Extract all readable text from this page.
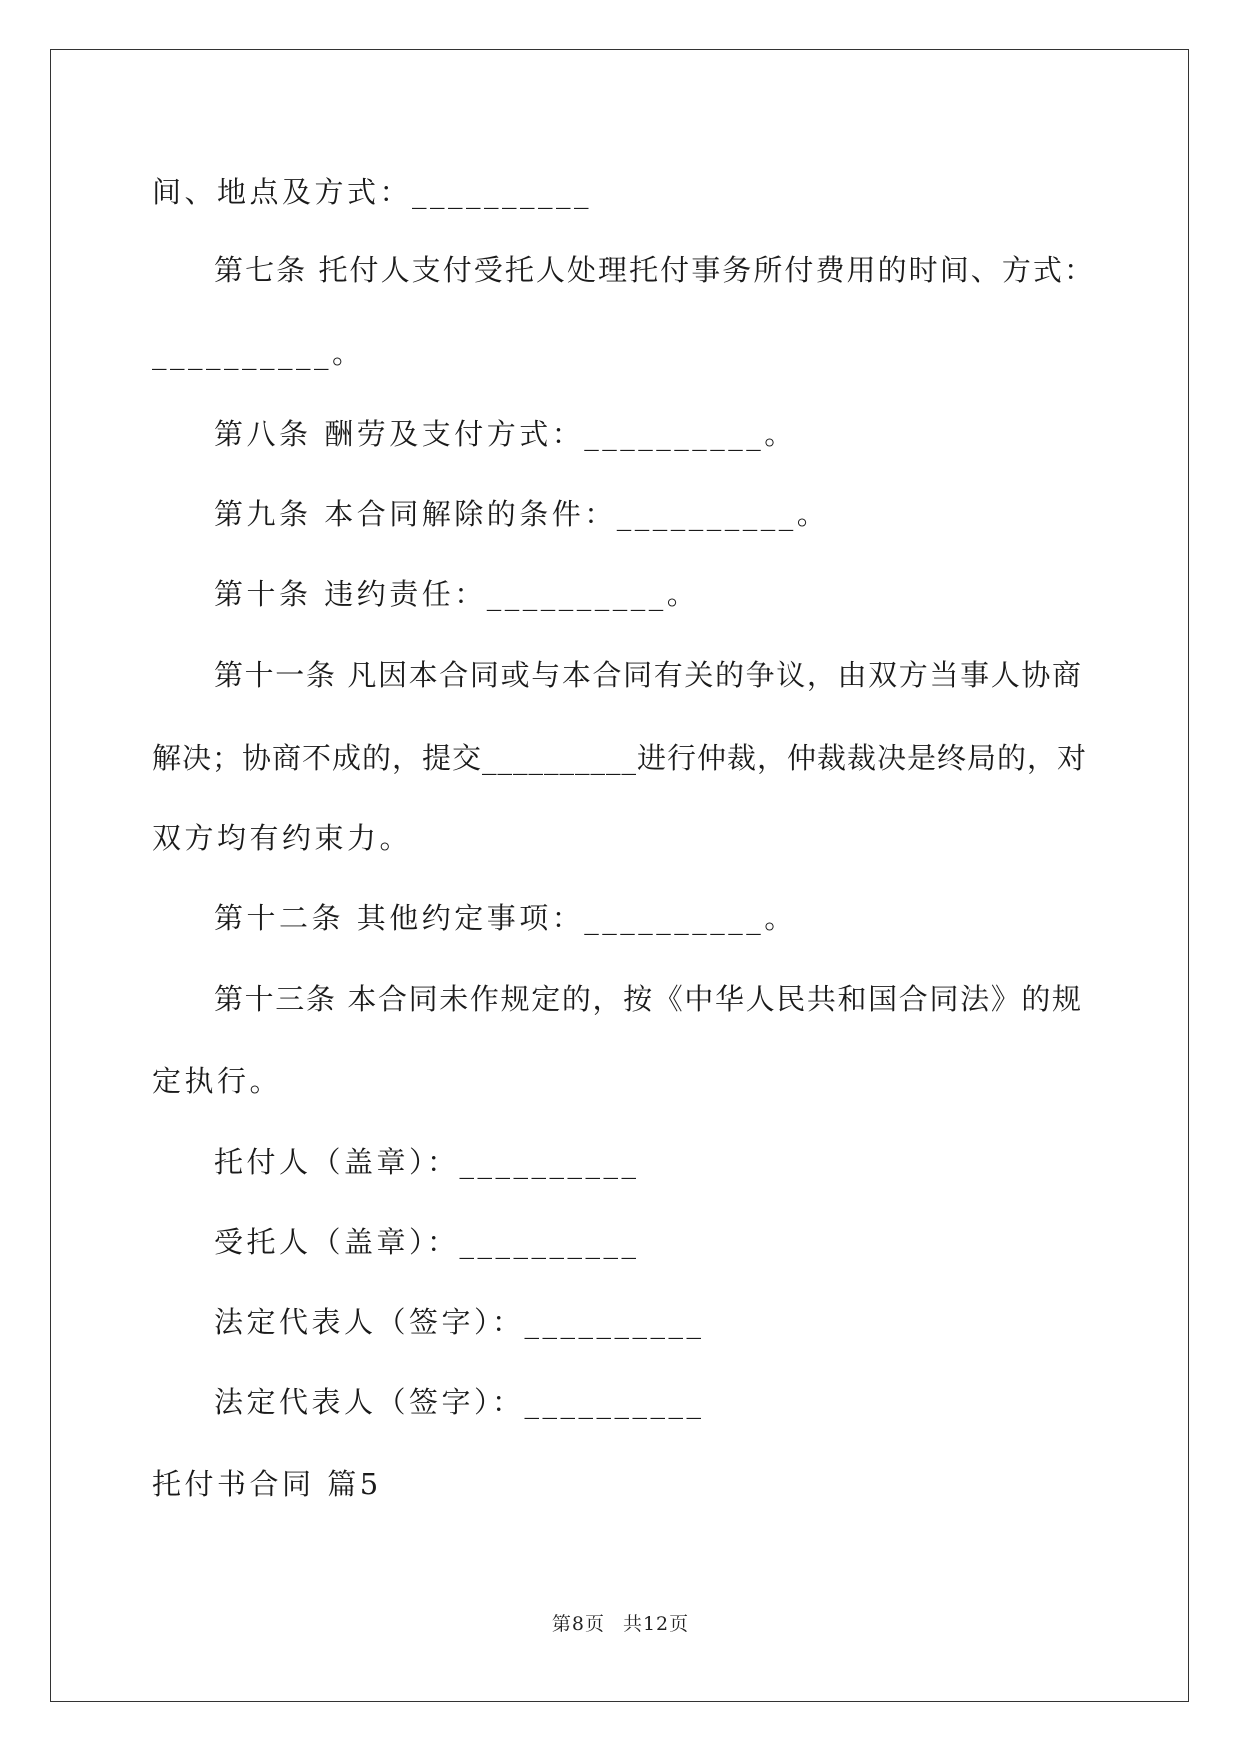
间、地点及方式：__________
第七条 托付人支付受托人处理托付事务所付费用的时间、方式：
__________。
第八条 酬劳及支付方式：__________。
第九条 本合同解除的条件：__________。
第十条 违约责任：__________。
第十一条 凡因本合同或与本合同有关的争议，由双方当事人协商
解决；协商不成的，提交__________进行仲裁，仲裁裁决是终局的，对
双方均有约束力。
第十二条 其他约定事项：__________。
第十三条 本合同未作规定的，按《中华人民共和国合同法》的规
定执行。
托付人（盖章）：__________
受托人（盖章）：__________
法定代表人（签字）：__________
法定代表人（签字）：__________
托付书合同 篇5
第8页 共12页
